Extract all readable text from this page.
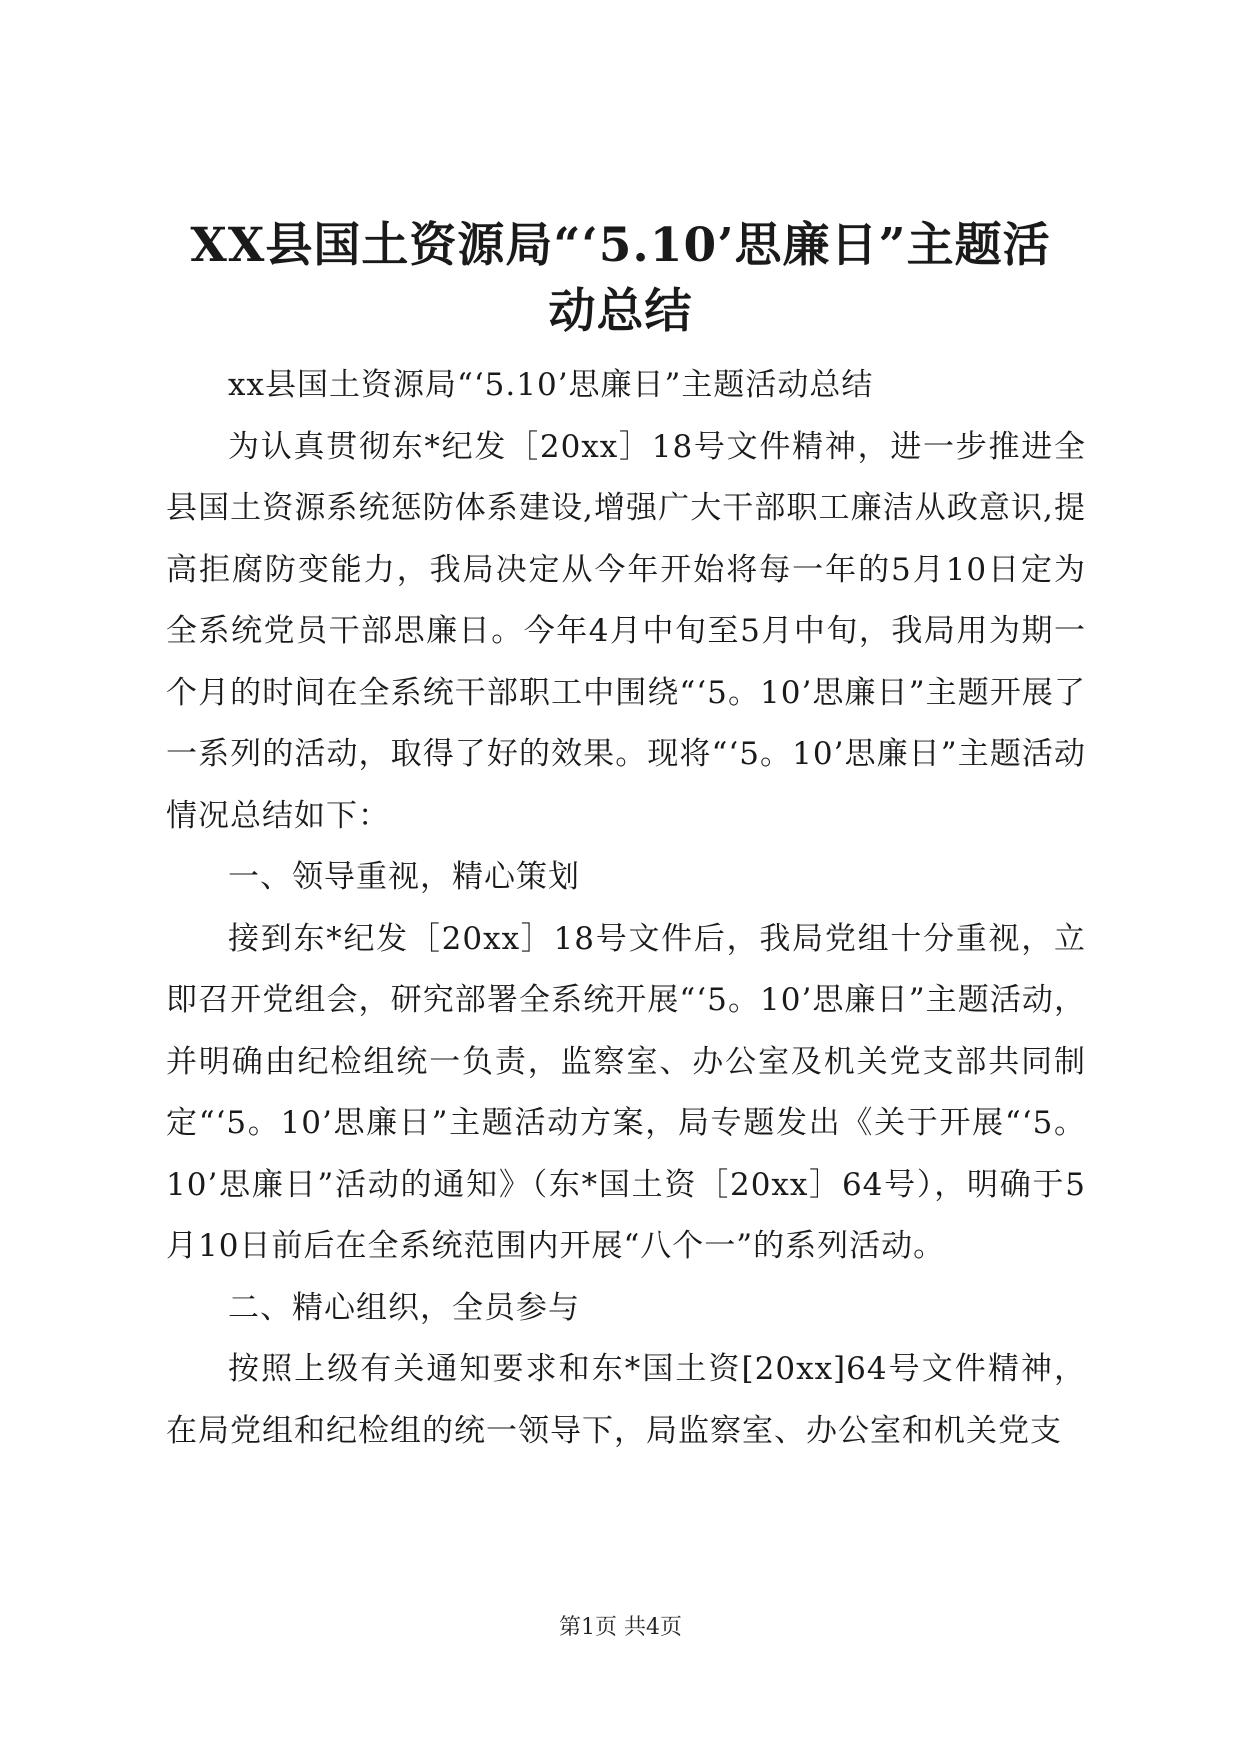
XX县国土资源局“‘5.10’思廉日”主题活
动总结

xx县国土资源局“‘5.10’思廉日”主题活动总结

为认真贯彻东*纪发［20xx］18号文件精神，进一步推进全县国土资源系统惩防体系建设,增强广大干部职工廉洁从政意识,提高拒腐防变能力，我局决定从今年开始将每一年的5月10日定为全系统党员干部思廉日。今年4月中旬至5月中旬，我局用为期一个月的时间在全系统干部职工中围绕“‘5。10’思廉日”主题开展了一系列的活动，取得了好的效果。现将“‘5。10’思廉日”主题活动情况总结如下：

一、领导重视，精心策划

接到东*纪发［20xx］18号文件后，我局党组十分重视，立即召开党组会，研究部署全系统开展“‘5。10’思廉日”主题活动，并明确由纪检组统一负责，监察室、办公室及机关党支部共同制定“‘5。10’思廉日”主题活动方案，局专题发出《关于开展“‘5。10’思廉日”活动的通知》（东*国土资［20xx］64号），明确于5月10日前后在全系统范围内开展“八个一”的系列活动。

二、精心组织，全员参与

按照上级有关通知要求和东*国土资[20xx]64号文件精神，在局党组和纪检组的统一领导下，局监察室、办公室和机关党支

第1页 共4页
